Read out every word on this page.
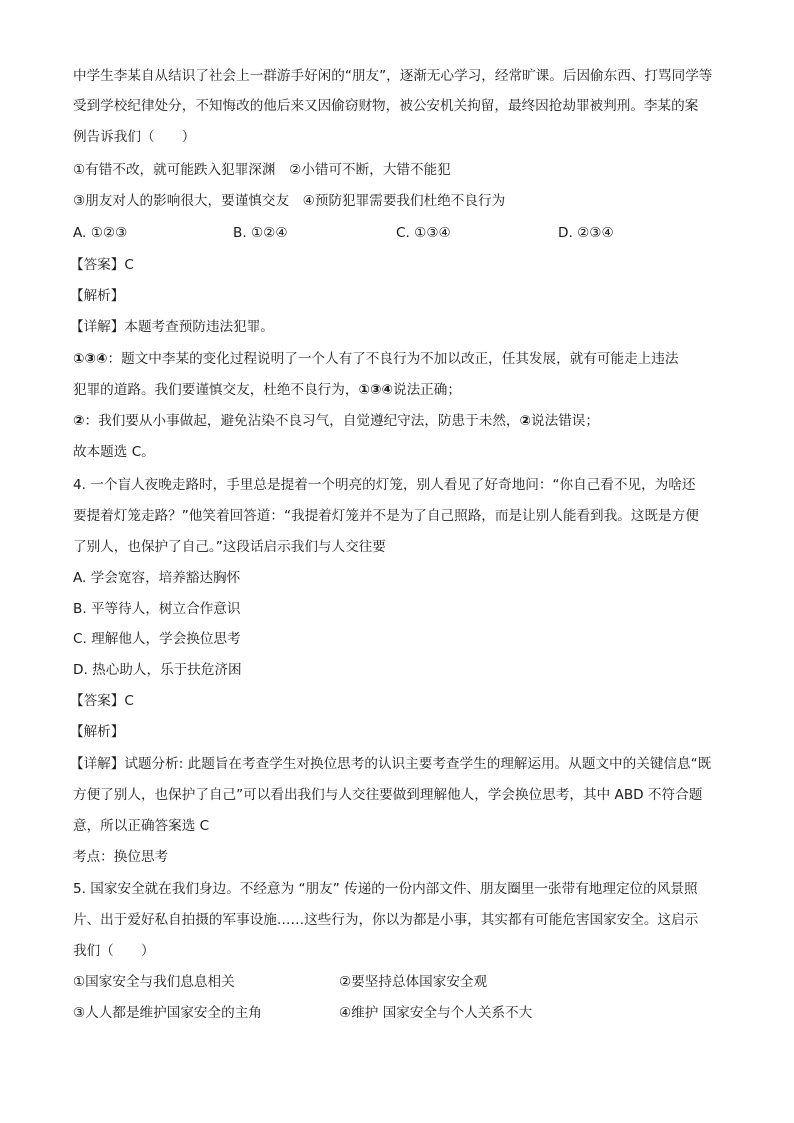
中学生李某自从结识了社会上一群游手好闲的“朋友”，逐渐无心学习，经常旷课。后因偷东西、打骂同学等
受到学校纪律处分，不知悔改的他后来又因偷窃财物，被公安机关拘留，最终因抢劫罪被判刑。李某的案
例告诉我们（　　）
①有错不改，就可能跌入犯罪深渊　②小错可不断，大错不能犯
③朋友对人的影响很大，要谨慎交友　④预防犯罪需要我们杜绝不良行为
A. ①②③	B. ①②④	C. ①③④	D. ②③④
【答案】C
【解析】
【详解】本题考查预防违法犯罪。
①③④：题文中李某的变化过程说明了一个人有了不良行为不加以改正，任其发展，就有可能走上违法
犯罪的道路。我们要谨慎交友，杜绝不良行为，①③④说法正确；
②：我们要从小事做起，避免沾染不良习气，自觉遵纪守法，防患于未然，②说法错误；
故本题选 C。
4. 一个盲人夜晚走路时，手里总是提着一个明亮的灯笼，别人看见了好奇地问：“你自己看不见，为啥还
要提着灯笼走路？”他笑着回答道：“我提着灯笼并不是为了自己照路，而是让别人能看到我。这既是方便
了别人，也保护了自己。”这段话启示我们与人交往要
A. 学会宽容，培养豁达胸怀
B. 平等待人，树立合作意识
C. 理解他人，学会换位思考
D. 热心助人，乐于扶危济困
【答案】C
【解析】
【详解】试题分析: 此题旨在考查学生对换位思考的认识主要考查学生的理解运用。从题文中的关键信息“既
方便了别人，也保护了自己”可以看出我们与人交往要做到理解他人，学会换位思考，其中 ABD 不符合题
意，所以正确答案选 C
考点：换位思考
5. 国家安全就在我们身边。不经意为 “朋友” 传递的一份内部文件、朋友圈里一张带有地理定位的风景照
片、出于爱好私自拍摄的军事设施……这些行为，你以为都是小事，其实都有可能危害国家安全。这启示
我们（　　）
①国家安全与我们息息相关	②要坚持总体国家安全观
③人人都是维护国家安全的主角	④维护 国家安全与个人关系不大
